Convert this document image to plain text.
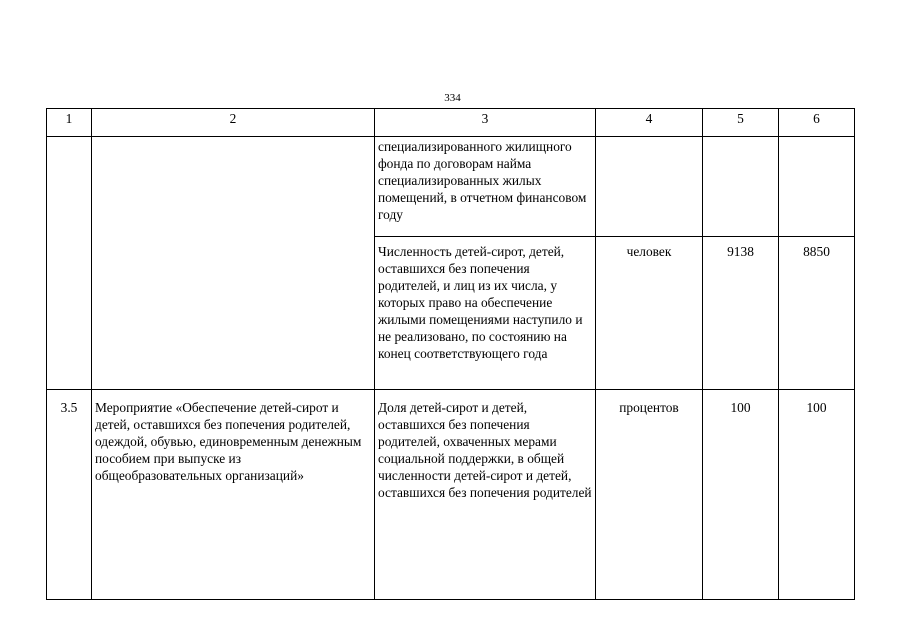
334
1	2	3	4	5	6
		специализированного жилищного фонда по договорам найма специализированных жилых помещений, в отчетном финансовом году			
		Численность детей-сирот, детей, оставшихся без попечения родителей, и лиц из их числа, у которых право на обеспечение жилыми помещениями наступило и не реализовано, по состоянию на конец соответствующего года	человек	9138	8850
3.5	Мероприятие «Обеспечение детей-сирот и детей, оставшихся без попечения родителей, одеждой, обувью, единовременным денежным пособием при выпуске из общеобразовательных организаций»	Доля детей-сирот и детей, оставшихся без попечения родителей, охваченных мерами социальной поддержки, в общей численности детей-сирот и детей, оставшихся без попечения родителей	процентов	100	100
